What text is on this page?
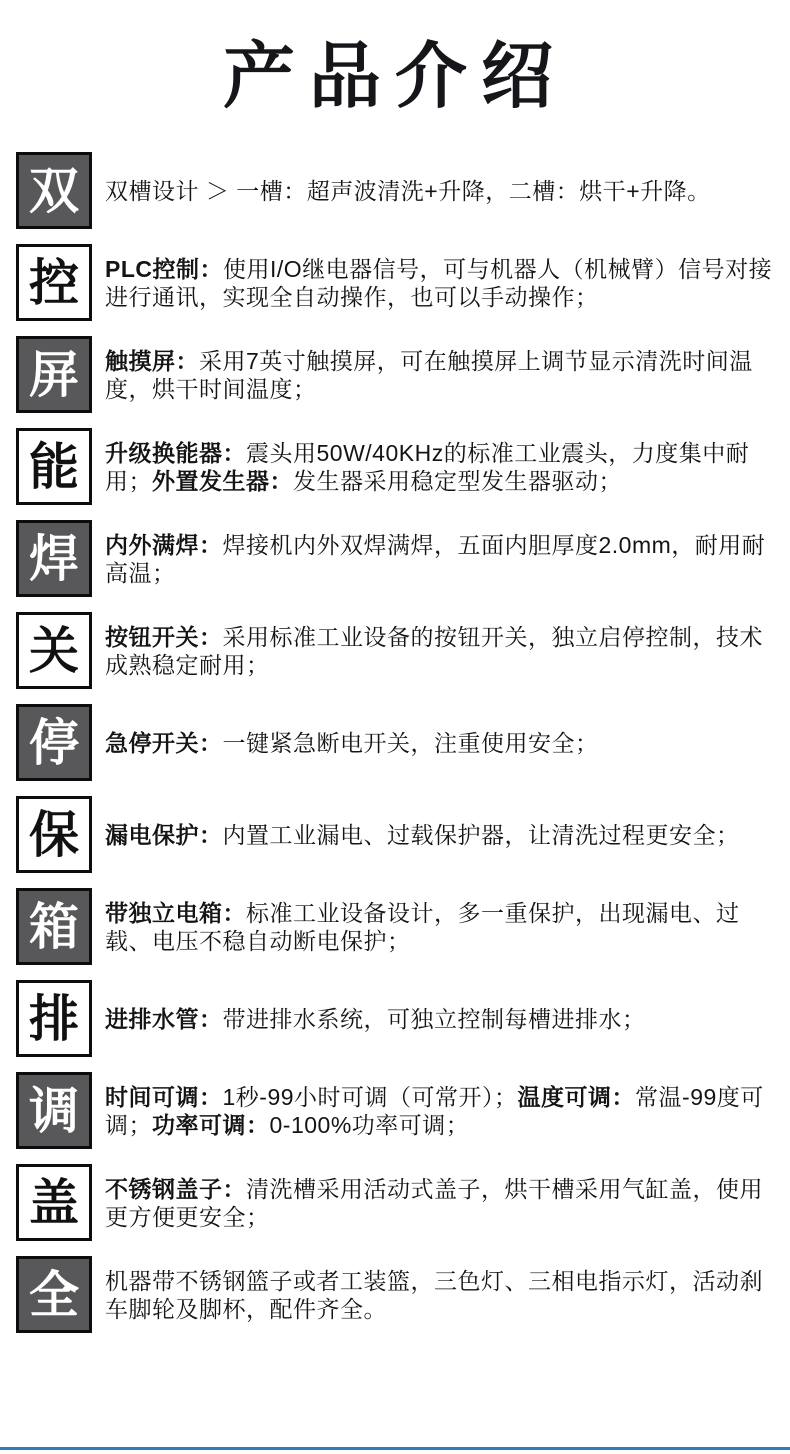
产品介绍
双 双槽设计 ＞ 一槽：超声波清洗+升降，二槽：烘干+升降。

控 PLC控制：使用I/O继电器信号，可与机器人（机械臂）信号对接进行通讯，实现全自动操作，也可以手动操作；

屏 触摸屏：采用7英寸触摸屏，可在触摸屏上调节显示清洗时间温度，烘干时间温度；

能 升级换能器：震头用50W/40KHz的标准工业震头，力度集中耐用；外置发生器：发生器采用稳定型发生器驱动；

焊 内外满焊：焊接机内外双焊满焊，五面内胆厚度2.0mm，耐用耐高温；

关 按钮开关：采用标准工业设备的按钮开关，独立启停控制，技术成熟稳定耐用；

停 急停开关：一键紧急断电开关，注重使用安全；

保 漏电保护：内置工业漏电、过载保护器，让清洗过程更安全；

箱 带独立电箱：标准工业设备设计，多一重保护，出现漏电、过载、电压不稳自动断电保护；

排 进排水管：带进排水系统，可独立控制每槽进排水；

调 时间可调：1秒-99小时可调（可常开）；温度可调：常温-99度可调；功率可调：0-100%功率可调；

盖 不锈钢盖子：清洗槽采用活动式盖子，烘干槽采用气缸盖，使用更方便更安全；

全 机器带不锈钢篮子或者工装篮，三色灯、三相电指示灯，活动刹车脚轮及脚杯，配件齐全。
